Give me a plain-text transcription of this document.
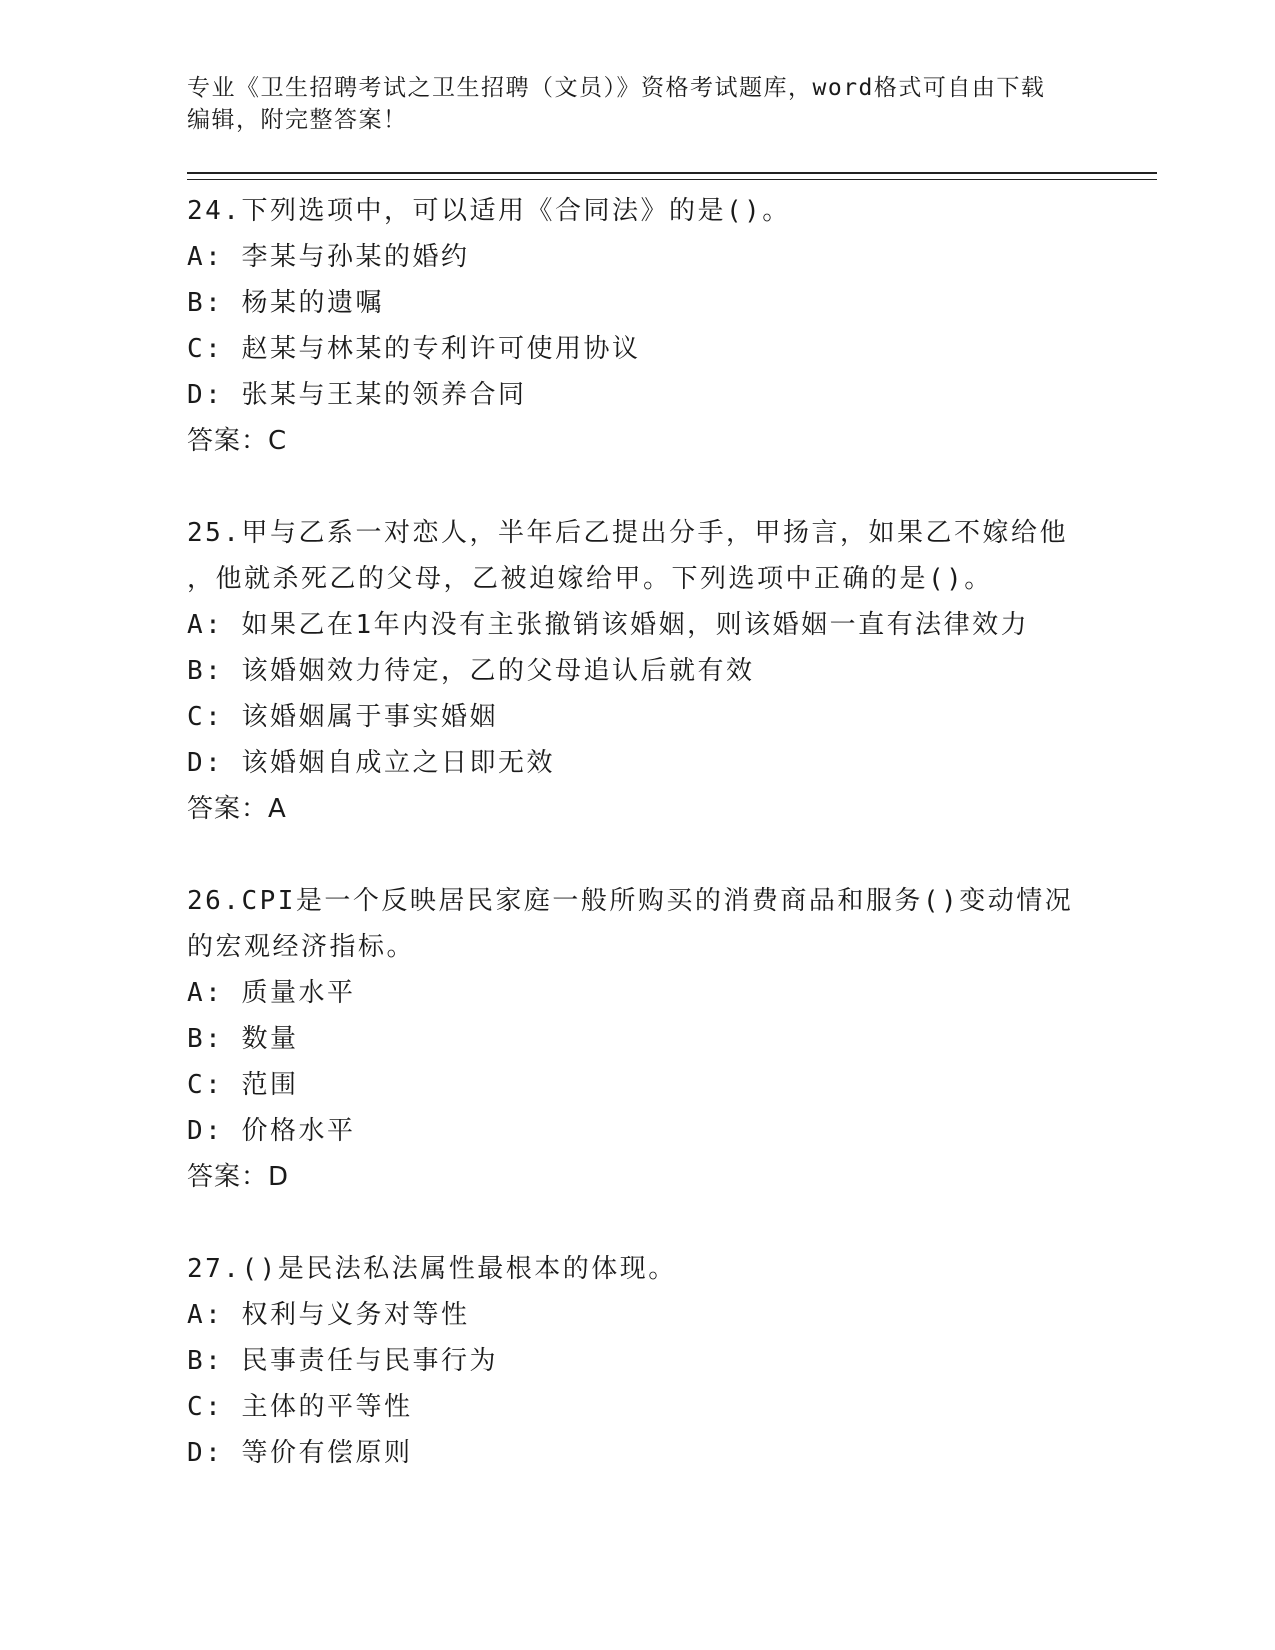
专业《卫生招聘考试之卫生招聘（文员）》资格考试题库，word格式可自由下载
编辑，附完整答案！

24.下列选项中，可以适用《合同法》的是()。

A: 李某与孙某的婚约

B: 杨某的遗嘱

C: 赵某与林某的专利许可使用协议

D: 张某与王某的领养合同

答案：C

25.甲与乙系一对恋人，半年后乙提出分手，甲扬言，如果乙不嫁给他

，他就杀死乙的父母，乙被迫嫁给甲。下列选项中正确的是()。

A: 如果乙在1年内没有主张撤销该婚姻，则该婚姻一直有法律效力

B: 该婚姻效力待定，乙的父母追认后就有效

C: 该婚姻属于事实婚姻

D: 该婚姻自成立之日即无效

答案：A

26.CPI是一个反映居民家庭一般所购买的消费商品和服务()变动情况

的宏观经济指标。

A: 质量水平

B: 数量

C: 范围

D: 价格水平

答案：D

27.()是民法私法属性最根本的体现。

A: 权利与义务对等性

B: 民事责任与民事行为

C: 主体的平等性

D: 等价有偿原则
